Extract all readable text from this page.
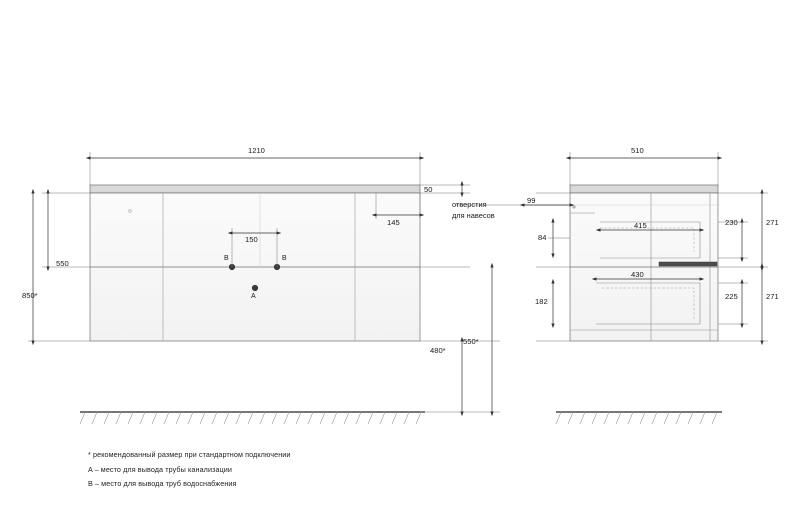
1210
550
850*
50
145
150
480*
550*
B	B
A
510
230	271
225	271
415
430
84
182
99
отверстия
для навесов
* рекомендованный размер при стандартном подключении
A – место для вывода трубы канализации
B – место для вывода труб водоснабжения
